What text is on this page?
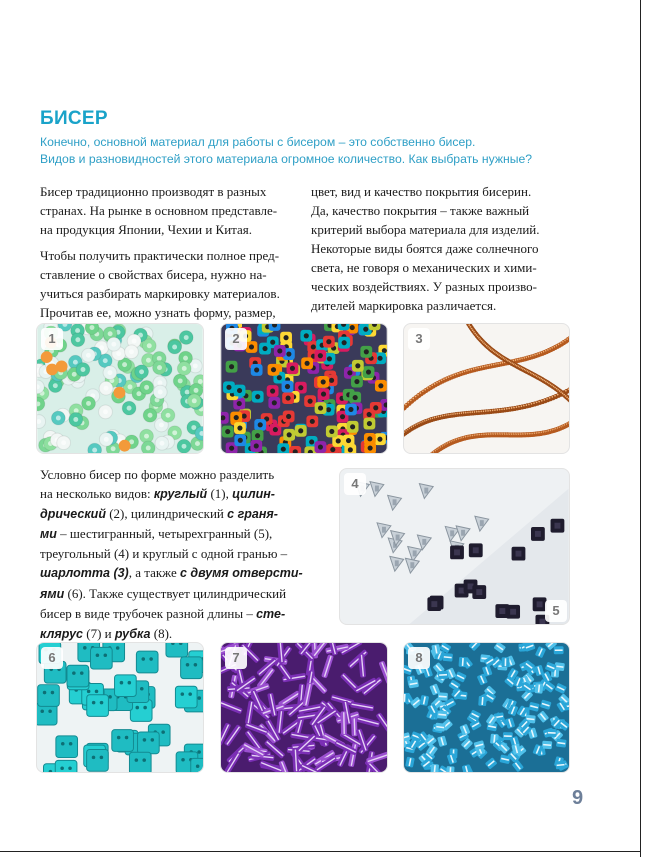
БИСЕР
Конечно, основной материал для работы с бисером – это собственно бисер.
Видов и разновидностей этого материала огромное количество. Как выбрать нужные?

Бисер традиционно производят в разных
странах. На рынке в основном представле-
на продукция Японии, Чехии и Китая.

Чтобы получить практически полное пред-
ставление о свойствах бисера, нужно на-
учиться разбирать маркировку материалов.
Прочитав ее, можно узнать форму, размер,

цвет, вид и качество покрытия бисерин.
Да, качество покрытия – также важный
критерий выбора материала для изделий.
Некоторые виды боятся даже солнечного
света, не говоря о механических и хими-
ческих воздействиях. У разных произво-
дителей маркировка различается.

1	2	3
Условно бисер по форме можно разделить
на несколько видов: круглый (1), цилин-
дрический (2), цилиндрический с граня-
ми – шестигранный, четырехгранный (5),
треугольный (4) и круглый с одной гранью –
шарлотта (3), а также с двумя отверсти-
ями (6). Также существует цилиндрический
бисер в виде трубочек разной длины – сте-
клярус (7) и рубка (8).
4
5
6	7	8
9
